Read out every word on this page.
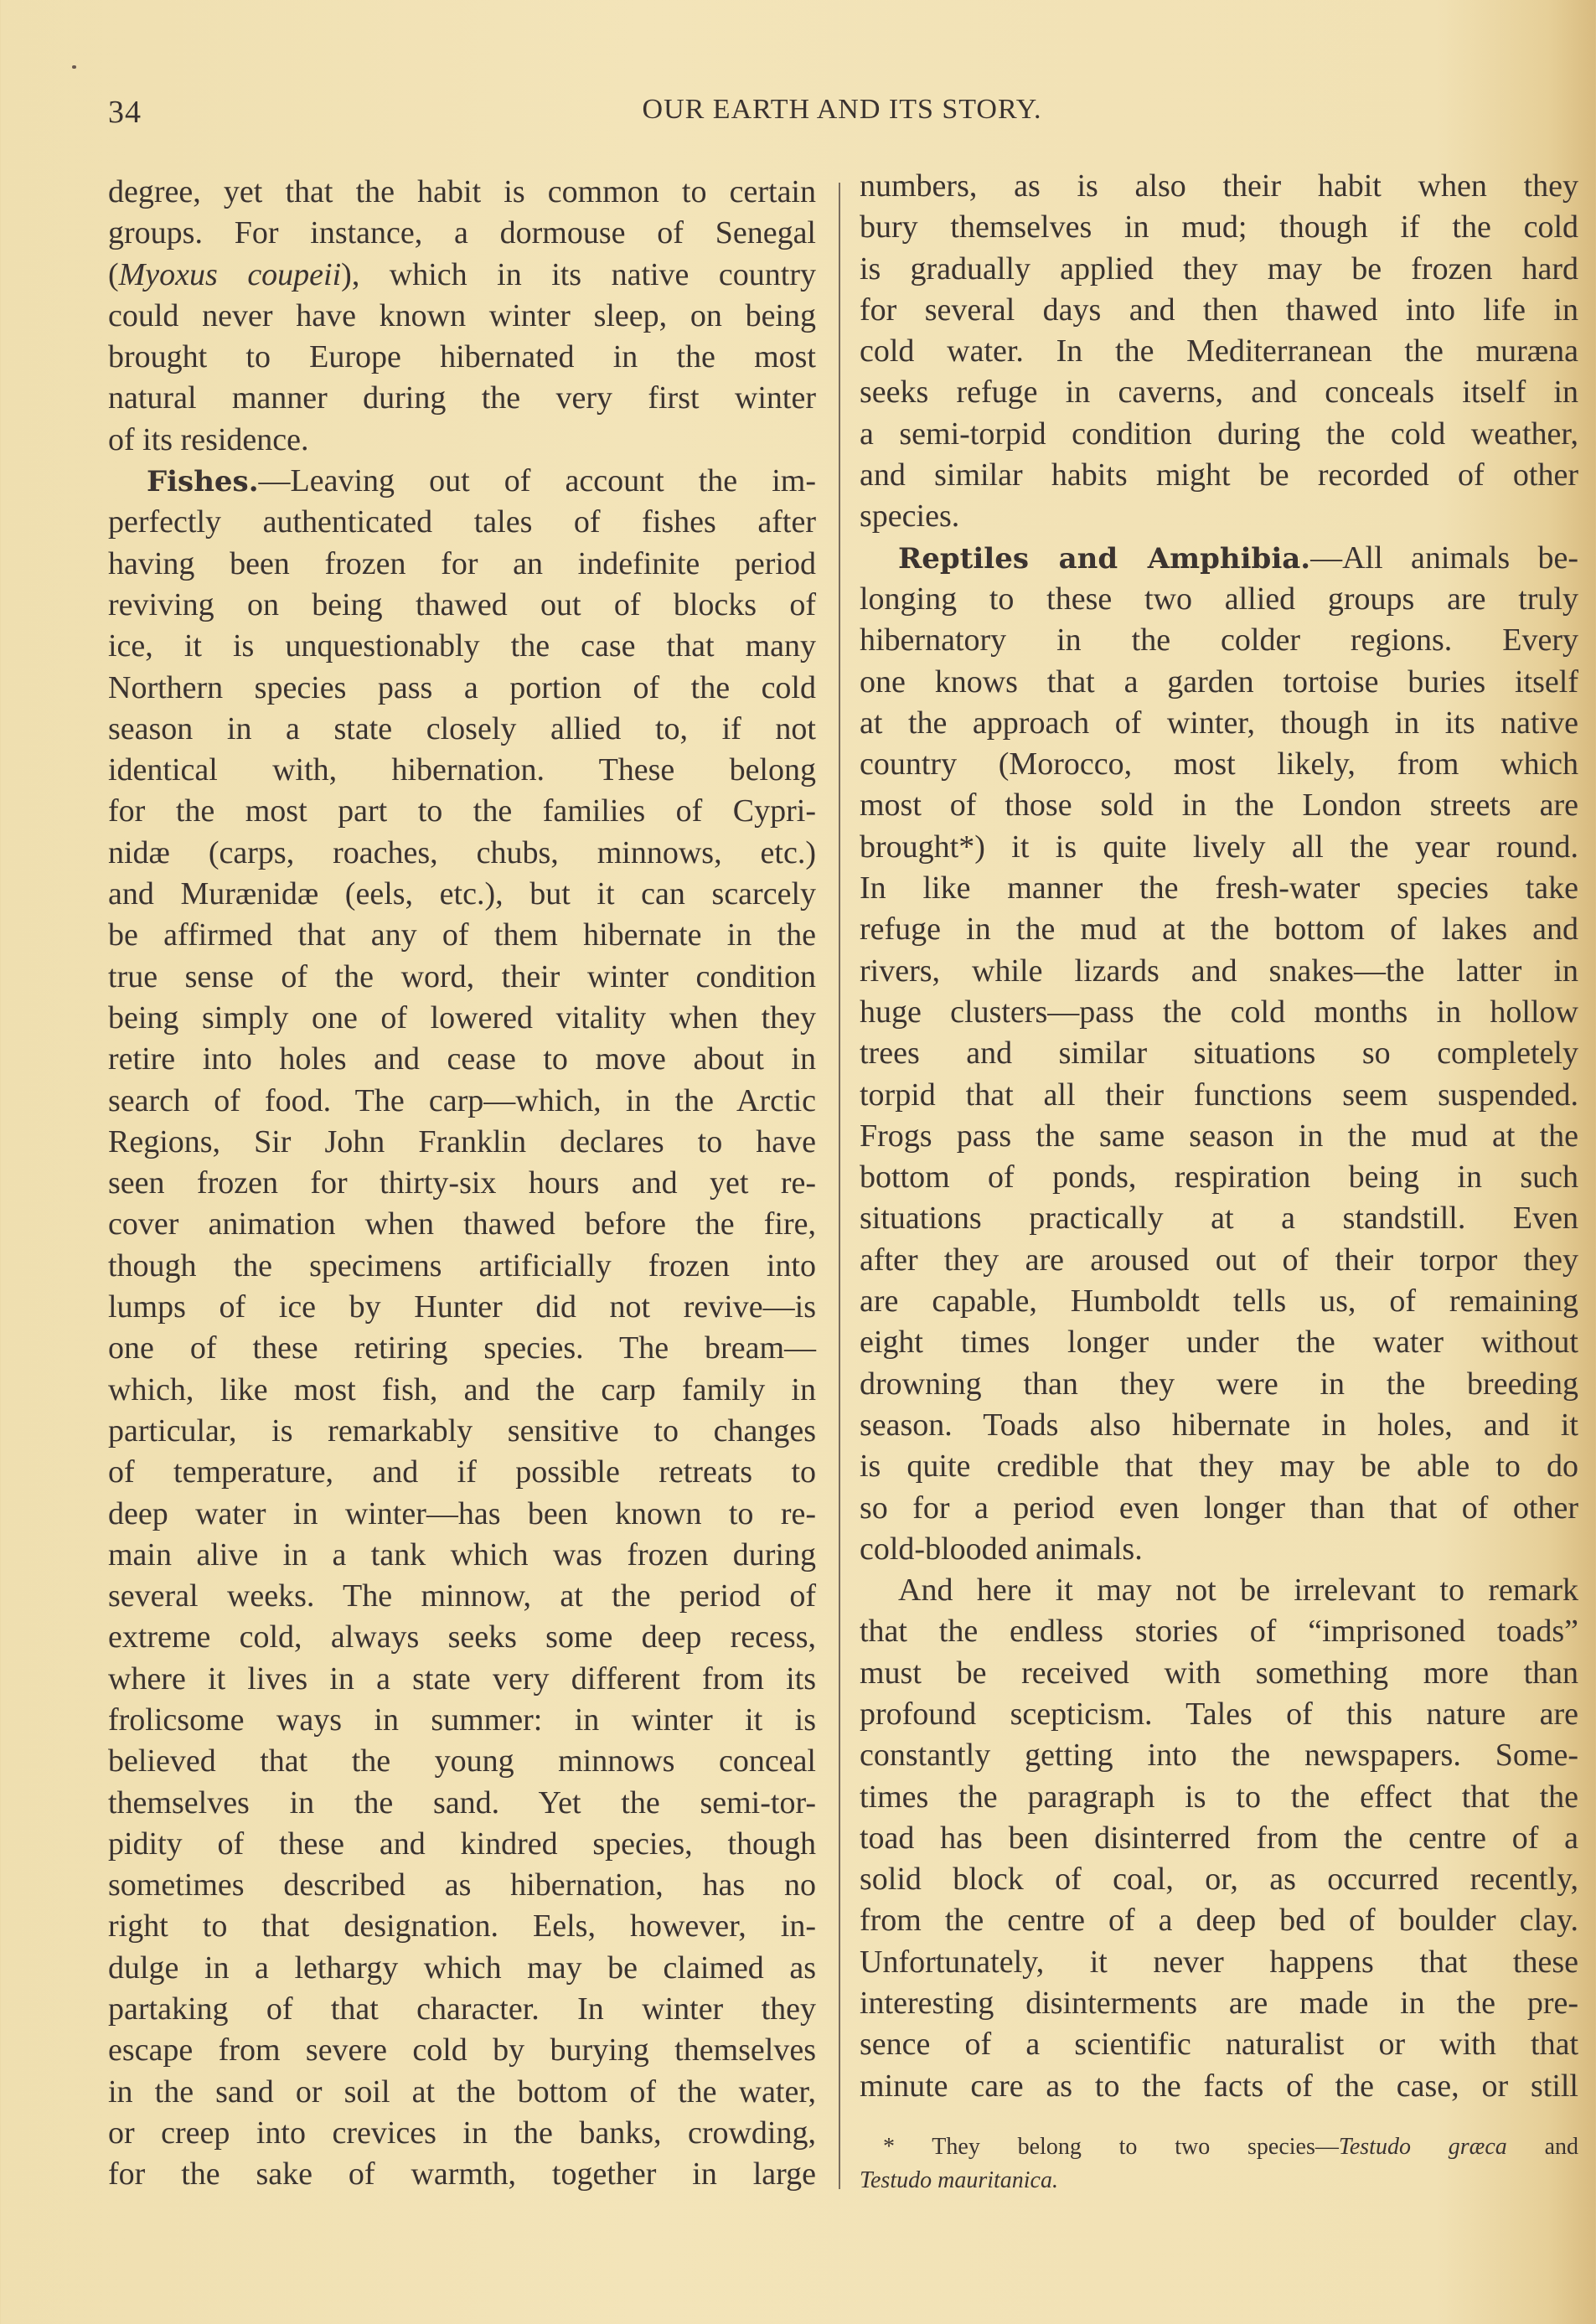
34	OUR EARTH AND ITS STORY.
degree, yet that the habit is common to certain
groups. For instance, a dormouse of Senegal
(Myoxus coupeii), which in its native country
could never have known winter sleep, on being
brought to Europe hibernated in the most
natural manner during the very first winter
of its residence.
Fishes.—Leaving out of account the im-
perfectly authenticated tales of fishes after
having been frozen for an indefinite period
reviving on being thawed out of blocks of
ice, it is unquestionably the case that many
Northern species pass a portion of the cold
season in a state closely allied to, if not
identical with, hibernation. These belong
for the most part to the families of Cypri-
nidæ (carps, roaches, chubs, minnows, etc.)
and Murænidæ (eels, etc.), but it can scarcely
be affirmed that any of them hibernate in the
true sense of the word, their winter condition
being simply one of lowered vitality when they
retire into holes and cease to move about in
search of food. The carp—which, in the Arctic
Regions, Sir John Franklin declares to have
seen frozen for thirty-six hours and yet re-
cover animation when thawed before the fire,
though the specimens artificially frozen into
lumps of ice by Hunter did not revive—is
one of these retiring species. The bream—
which, like most fish, and the carp family in
particular, is remarkably sensitive to changes
of temperature, and if possible retreats to
deep water in winter—has been known to re-
main alive in a tank which was frozen during
several weeks. The minnow, at the period of
extreme cold, always seeks some deep recess,
where it lives in a state very different from its
frolicsome ways in summer: in winter it is
believed that the young minnows conceal
themselves in the sand. Yet the semi-tor-
pidity of these and kindred species, though
sometimes described as hibernation, has no
right to that designation. Eels, however, in-
dulge in a lethargy which may be claimed as
partaking of that character. In winter they
escape from severe cold by burying themselves
in the sand or soil at the bottom of the water,
or creep into crevices in the banks, crowding,
for the sake of warmth, together in large
numbers, as is also their habit when they
bury themselves in mud; though if the cold
is gradually applied they may be frozen hard
for several days and then thawed into life in
cold water. In the Mediterranean the muræna
seeks refuge in caverns, and conceals itself in
a semi-torpid condition during the cold weather,
and similar habits might be recorded of other
species.
Reptiles and Amphibia.—All animals be-
longing to these two allied groups are truly
hibernatory in the colder regions. Every
one knows that a garden tortoise buries itself
at the approach of winter, though in its native
country (Morocco, most likely, from which
most of those sold in the London streets are
brought*) it is quite lively all the year round.
In like manner the fresh-water species take
refuge in the mud at the bottom of lakes and
rivers, while lizards and snakes—the latter in
huge clusters—pass the cold months in hollow
trees and similar situations so completely
torpid that all their functions seem suspended.
Frogs pass the same season in the mud at the
bottom of ponds, respiration being in such
situations practically at a standstill. Even
after they are aroused out of their torpor they
are capable, Humboldt tells us, of remaining
eight times longer under the water without
drowning than they were in the breeding
season. Toads also hibernate in holes, and it
is quite credible that they may be able to do
so for a period even longer than that of other
cold-blooded animals.
And here it may not be irrelevant to remark
that the endless stories of “imprisoned toads”
must be received with something more than
profound scepticism. Tales of this nature are
constantly getting into the newspapers. Some-
times the paragraph is to the effect that the
toad has been disinterred from the centre of a
solid block of coal, or, as occurred recently,
from the centre of a deep bed of boulder clay.
Unfortunately, it never happens that these
interesting disinterments are made in the pre-
sence of a scientific naturalist or with that
minute care as to the facts of the case, or still
* They belong to two species—Testudo græca and
Testudo mauritanica.
